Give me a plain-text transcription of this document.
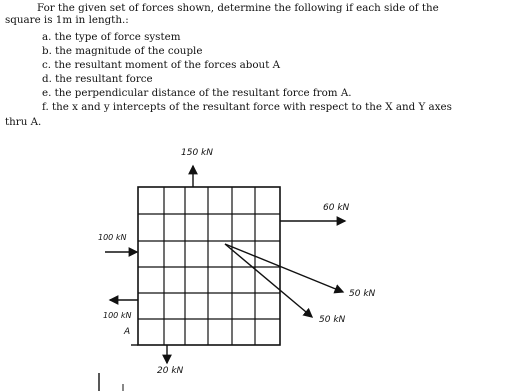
For the given set of forces shown, determine the following if each side of the
square is 1m in length.:
a. the type of force system
b. the magnitude of the couple
c. the resultant moment of the forces about A
d. the resultant force
e. the perpendicular distance of the resultant force from A.
f. the x and y intercepts of the resultant force with respect to the X and Y axes
thru A.
150 kN
60 kN
100 kN
100 kN
A
50 kN
50 kN
20 kN
